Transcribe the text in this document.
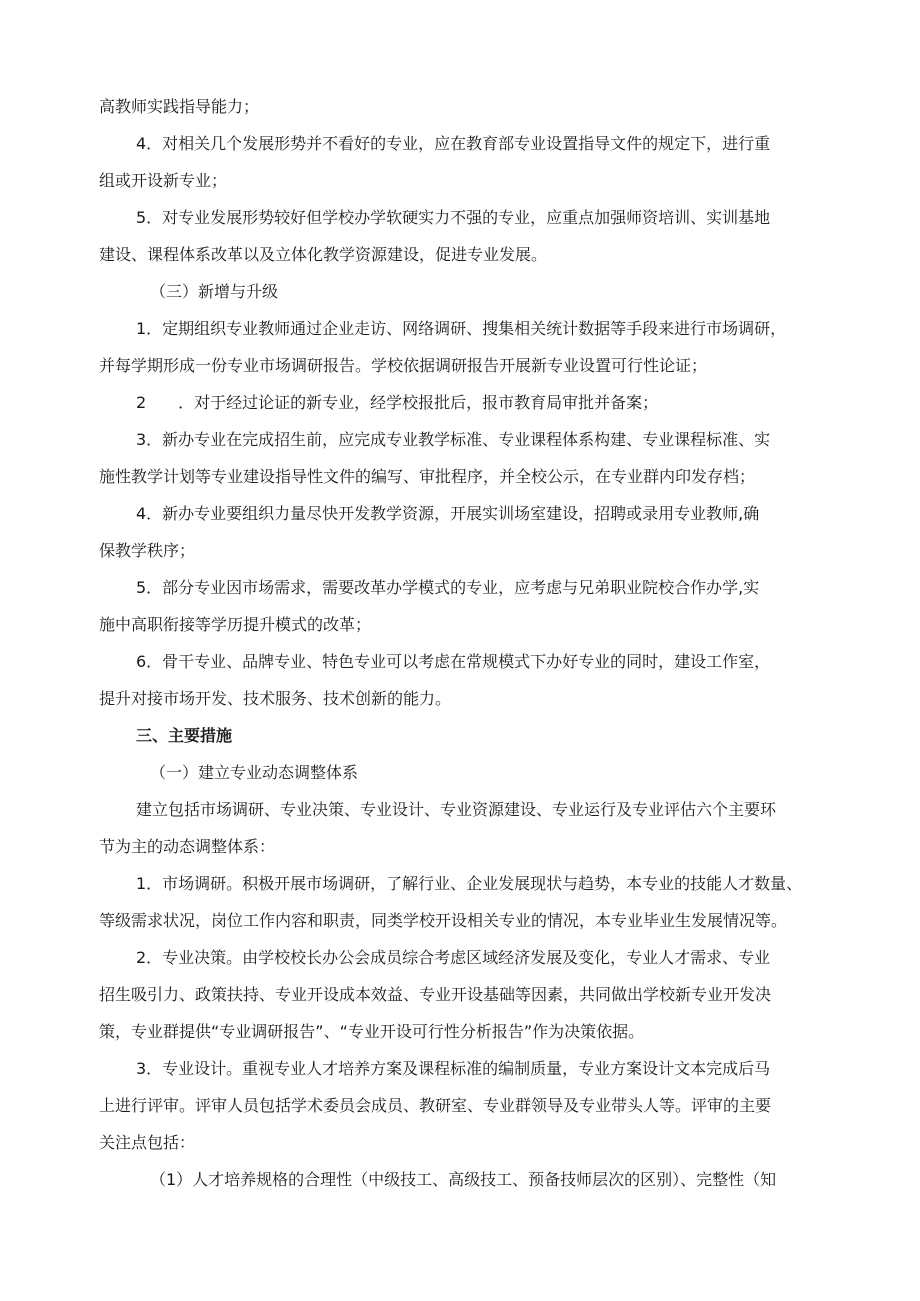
高教师实践指导能力；
4．对相关几个发展形势并不看好的专业，应在教育部专业设置指导文件的规定下，进行重
组或开设新专业；
5．对专业发展形势较好但学校办学软硬实力不强的专业，应重点加强师资培训、实训基地
建设、课程体系改革以及立体化教学资源建设，促进专业发展。
（三）新增与升级
1．定期组织专业教师通过企业走访、网络调研、搜集相关统计数据等手段来进行市场调研，
并每学期形成一份专业市场调研报告。学校依据调研报告开展新专业设置可行性论证；
2　　．对于经过论证的新专业，经学校报批后，报市教育局审批并备案；
3．新办专业在完成招生前，应完成专业教学标准、专业课程体系构建、专业课程标准、实
施性教学计划等专业建设指导性文件的编写、审批程序，并全校公示，在专业群内印发存档；
4．新办专业要组织力量尽快开发教学资源，开展实训场室建设，招聘或录用专业教师,确
保教学秩序；
5．部分专业因市场需求，需要改革办学模式的专业，应考虑与兄弟职业院校合作办学,实
施中高职衔接等学历提升模式的改革；
6．骨干专业、品牌专业、特色专业可以考虑在常规模式下办好专业的同时，建设工作室，
提升对接市场开发、技术服务、技术创新的能力。
三、主要措施
（一）建立专业动态调整体系
建立包括市场调研、专业决策、专业设计、专业资源建设、专业运行及专业评估六个主要环
节为主的动态调整体系：
1．市场调研。积极开展市场调研，了解行业、企业发展现状与趋势，本专业的技能人才数量、
等级需求状况，岗位工作内容和职责，同类学校开设相关专业的情况，本专业毕业生发展情况等。
2．专业决策。由学校校长办公会成员综合考虑区域经济发展及变化，专业人才需求、专业
招生吸引力、政策扶持、专业开设成本效益、专业开设基础等因素，共同做出学校新专业开发决
策，专业群提供“专业调研报告”、“专业开设可行性分析报告”作为决策依据。
3．专业设计。重视专业人才培养方案及课程标准的编制质量，专业方案设计文本完成后马
上进行评审。评审人员包括学术委员会成员、教研室、专业群领导及专业带头人等。评审的主要
关注点包括：
（1）人才培养规格的合理性（中级技工、高级技工、预备技师层次的区别）、完整性（知
